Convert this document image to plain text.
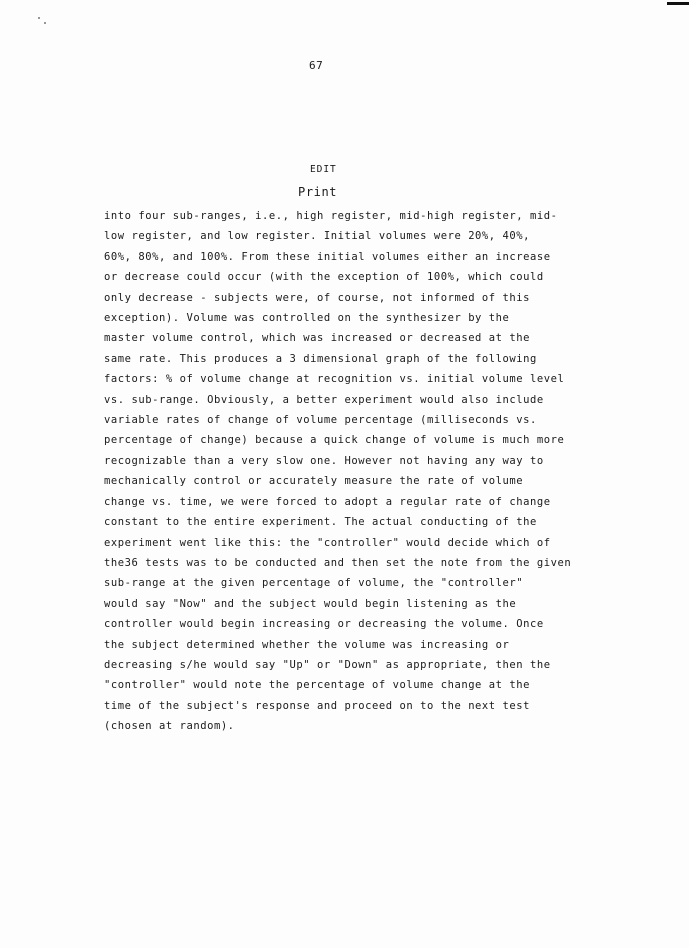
67
EDIT
Print
into four sub-ranges, i.e., high register, mid-high register, mid-
low register, and low register. Initial volumes were 20%, 40%,
60%, 80%, and 100%. From these initial volumes either an increase
or decrease could occur (with the exception of 100%, which could
only decrease - subjects were, of course, not informed of this
exception). Volume was controlled on the synthesizer by the
master volume control, which was increased or decreased at the
same rate. This produces a 3 dimensional graph of the following
factors: % of volume change at recognition vs. initial volume level
vs. sub-range. Obviously, a better experiment would also include
variable rates of change of volume percentage (milliseconds vs.
percentage of change) because a quick change of volume is much more
recognizable than a very slow one. However not having any way to
mechanically control or accurately measure the rate of volume
change vs. time, we were forced to adopt a regular rate of change
constant to the entire experiment. The actual conducting of the
experiment went like this: the "controller" would decide which of
the36 tests was to be conducted and then set the note from the given
sub-range at the given percentage of volume, the "controller"
would say "Now" and the subject would begin listening as the
controller would begin increasing or decreasing the volume. Once
the subject determined whether the volume was increasing or
decreasing s/he would say "Up" or "Down" as appropriate, then the
"controller" would note the percentage of volume change at the
time of the subject's response and proceed on to the next test
(chosen at random).
